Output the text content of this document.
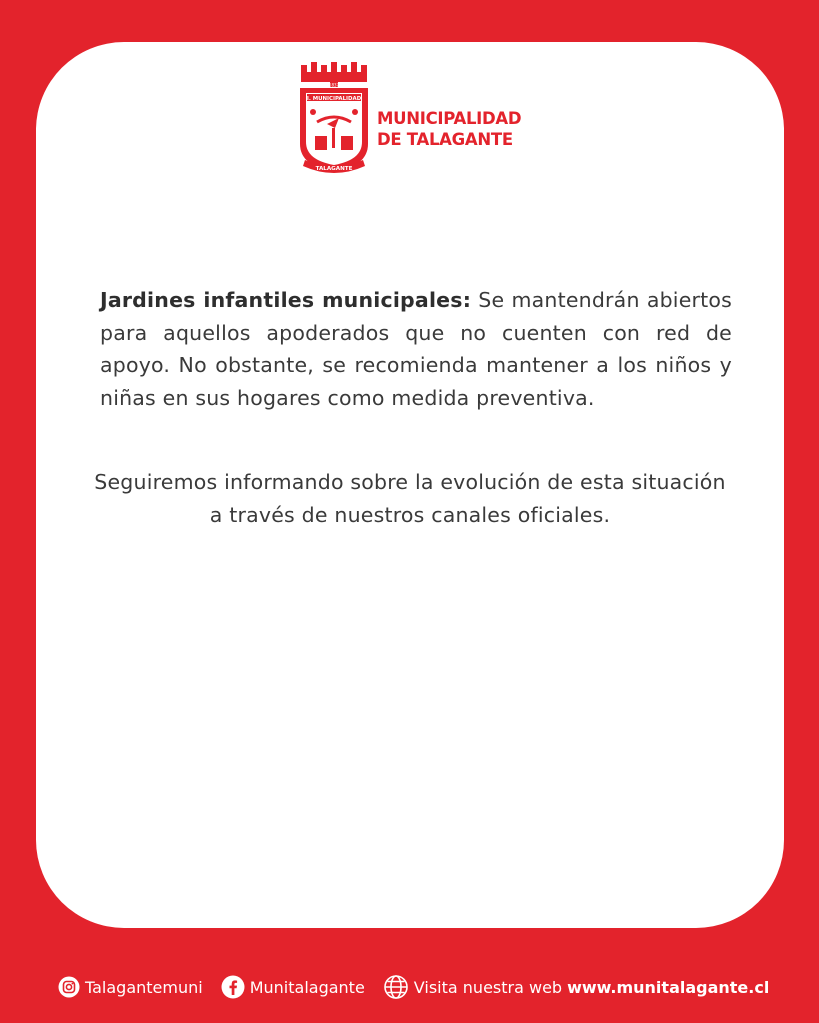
I. MUNICIPALIDAD
1837
TALAGANTE
MUNICIPALIDAD
DE TALAGANTE
Jardines infantiles municipales: Se mantendrán abiertos para aquellos apoderados que no cuenten con red de apoyo. No obstante, se recomienda mantener a los niños y niñas en sus hogares como medida preventiva.
Seguiremos informando sobre la evolución de esta situación a través de nuestros canales oficiales.
Talagantemuni	Munitalagante	Visita nuestra web www.munitalagante.cl
